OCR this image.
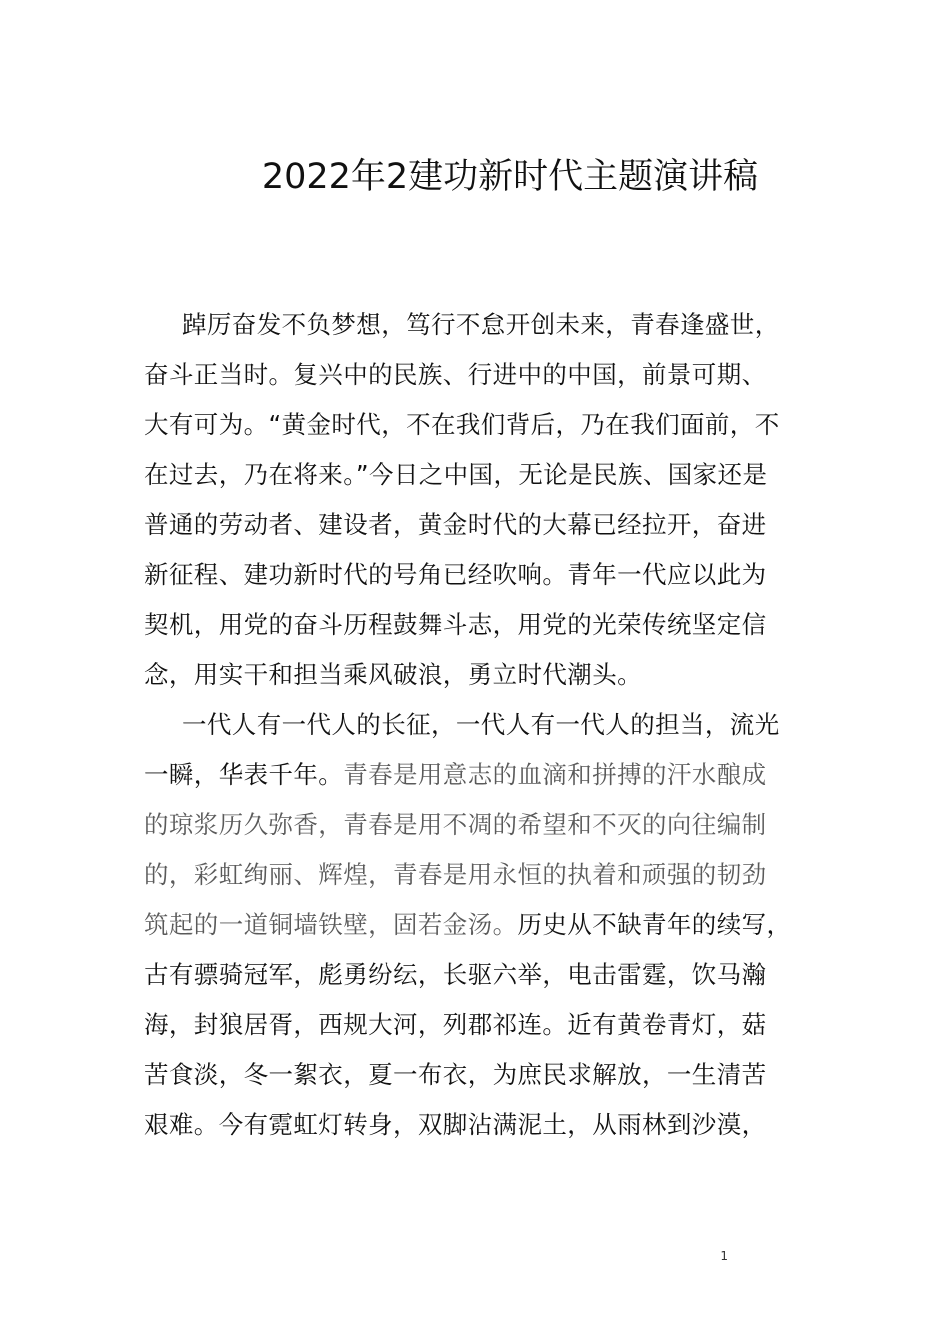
2022年2建功新时代主题演讲稿
踔厉奋发不负梦想，笃行不怠开创未来，青春逢盛世，
奋斗正当时。复兴中的民族、行进中的中国，前景可期、
大有可为。“黄金时代，不在我们背后，乃在我们面前，不
在过去，乃在将来。”今日之中国，无论是民族、国家还是
普通的劳动者、建设者，黄金时代的大幕已经拉开，奋进
新征程、建功新时代的号角已经吹响。青年一代应以此为
契机，用党的奋斗历程鼓舞斗志，用党的光荣传统坚定信
念，用实干和担当乘风破浪，勇立时代潮头。
一代人有一代人的长征，一代人有一代人的担当，流光
一瞬，华表千年。青春是用意志的血滴和拼搏的汗水酿成
的琼浆历久弥香，青春是用不凋的希望和不灭的向往编制
的，彩虹绚丽、辉煌，青春是用永恒的执着和顽强的韧劲
筑起的一道铜墙铁壁，固若金汤。历史从不缺青年的续写，
古有骠骑冠军，彪勇纷纭，长驱六举，电击雷霆，饮马瀚
海，封狼居胥，西规大河，列郡祁连。近有黄卷青灯，菇
苦食淡，冬一絮衣，夏一布衣，为庶民求解放，一生清苦
艰难。今有霓虹灯转身，双脚沾满泥土，从雨林到沙漠，
1
